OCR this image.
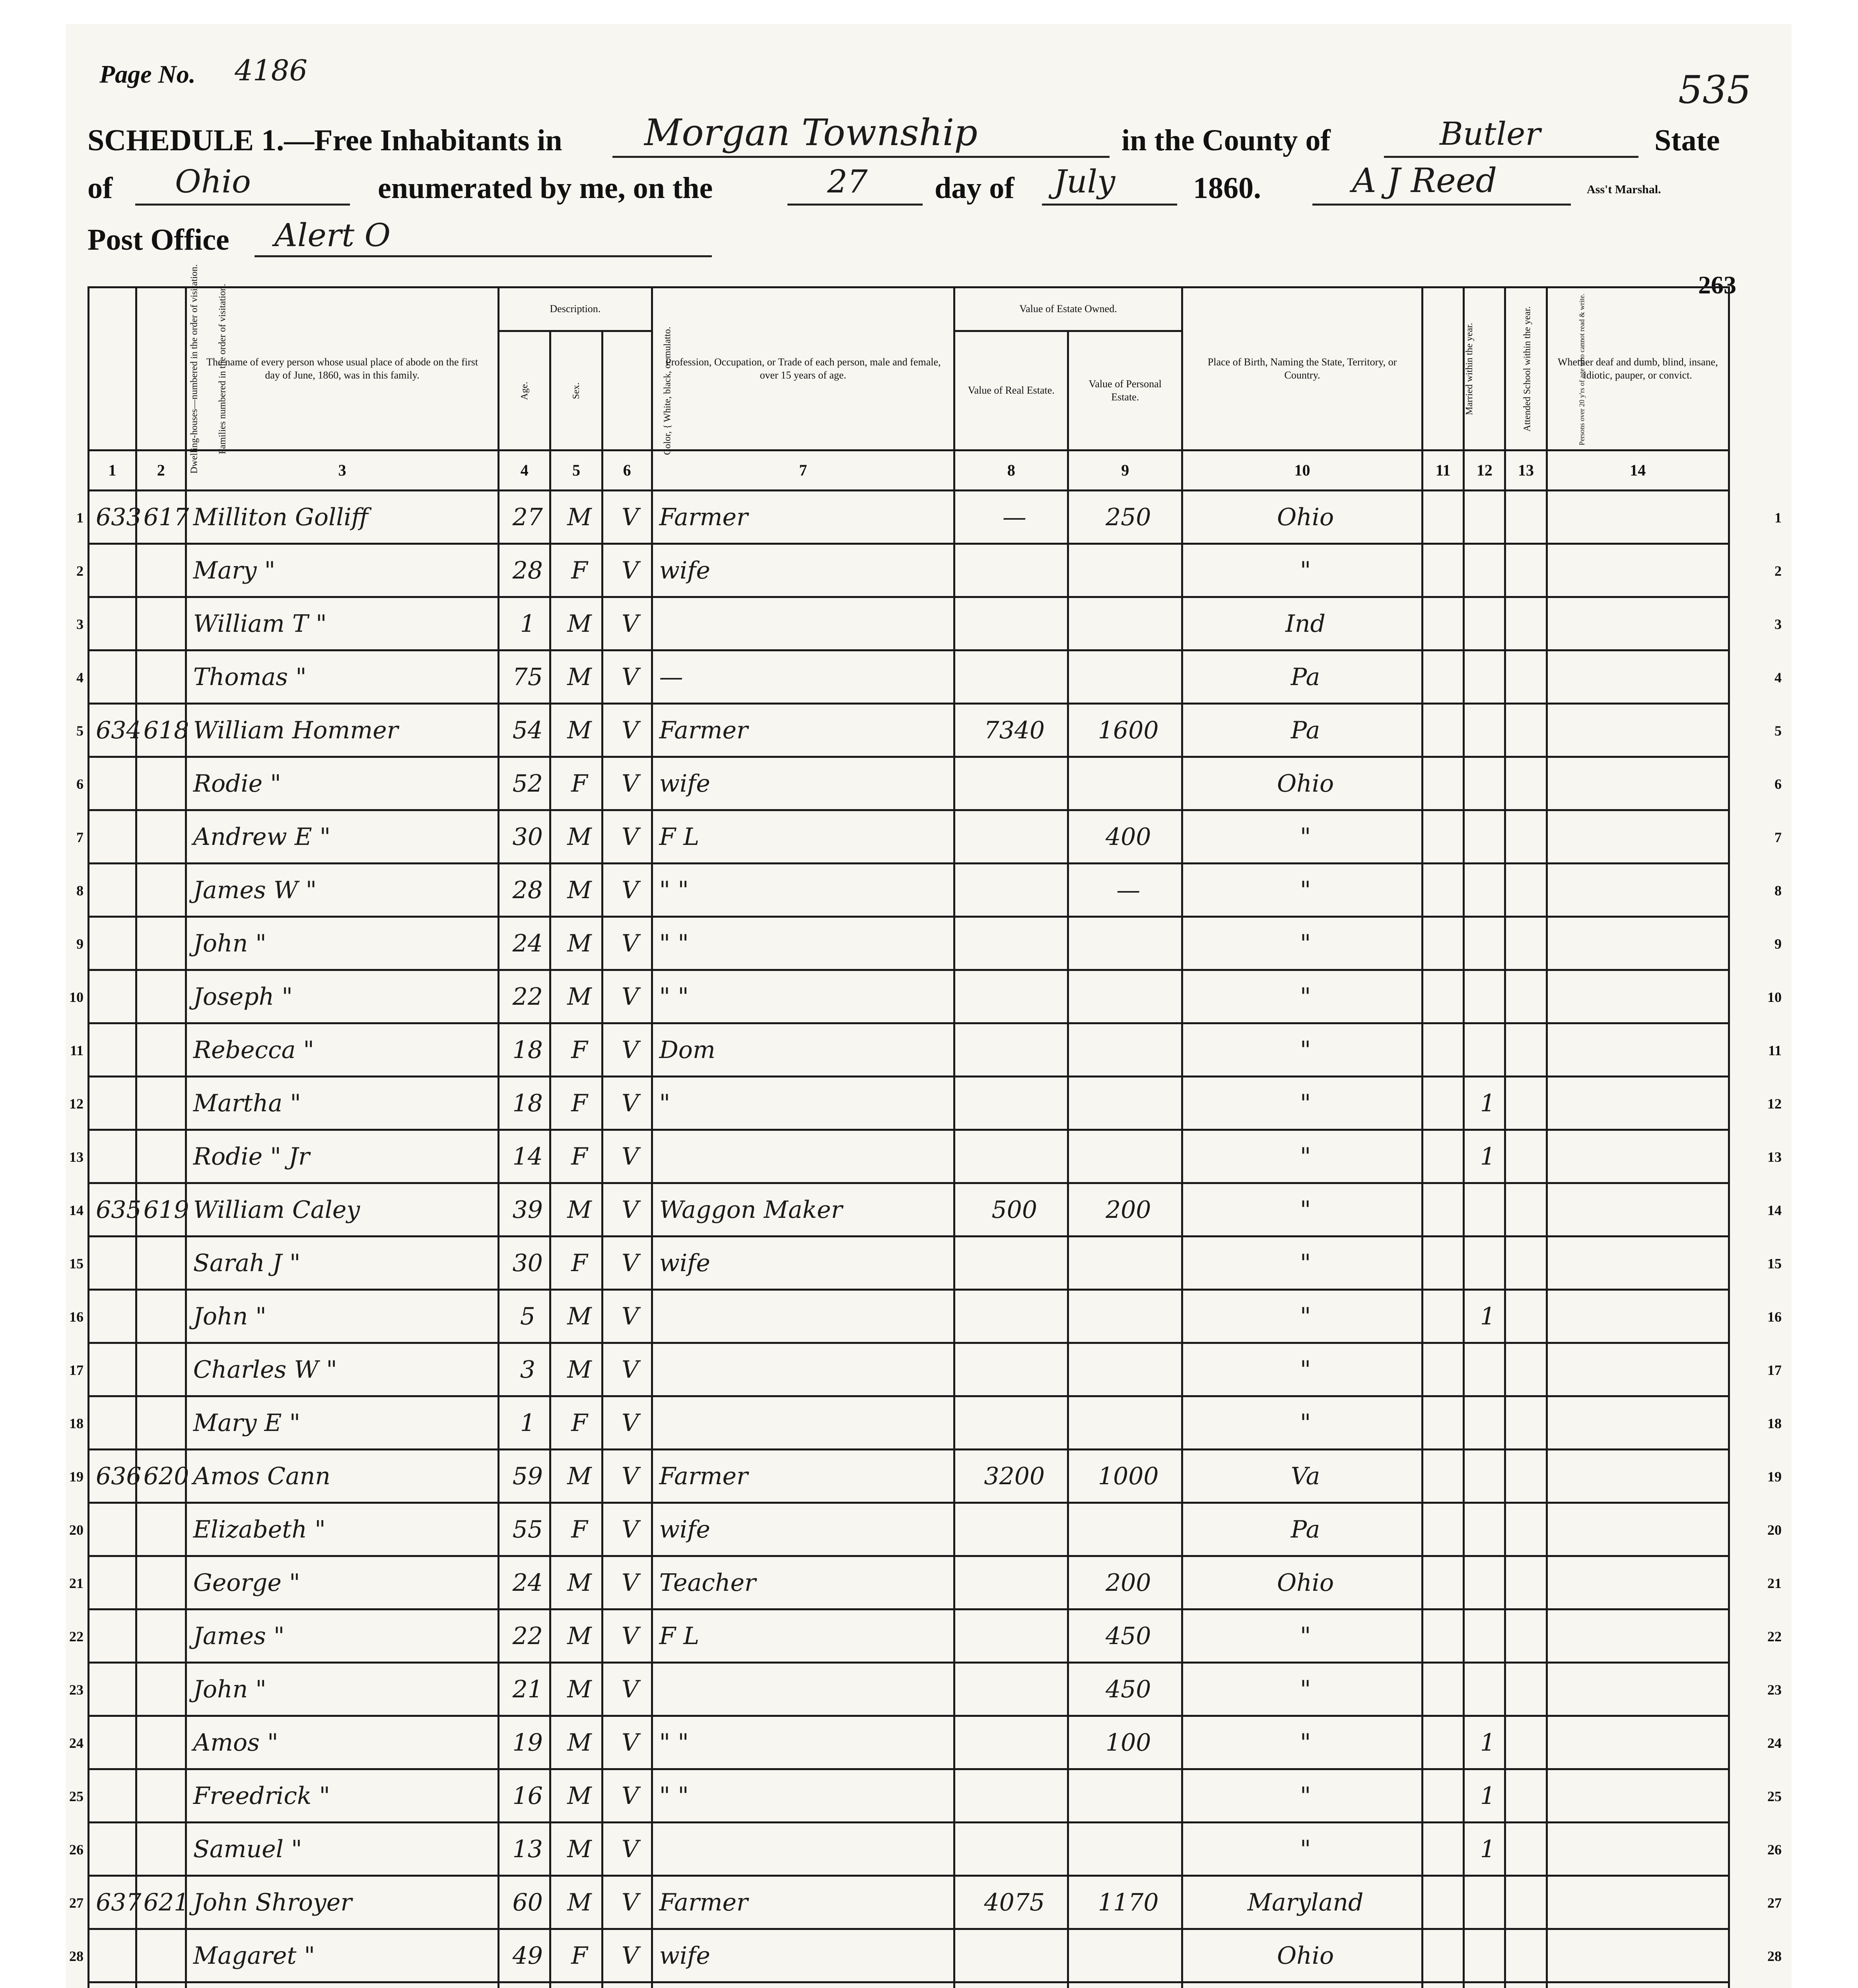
Page No. 4186	535
SCHEDULE 1.—Free Inhabitants in Morgan Township	in the County of	Butler	State
of Ohio	enumerated by me, on the	27 day of July	1860.	A J Reed	Ass't Marshal.
Post Office Alert O
263
Dwelling-houses—numbered in the order of visitation.	Families numbered in the order of visitation.	The name of every person whose usual place of abode on the first day of June, 1860, was in this family.	Description.			Profession, Occupation, or Trade of each person, male and female, over 15 years of age.	Value of Estate Owned.		Place of Birth, Naming the State, Territory, or Country.	Married within the year.	Attended School within the year.	Persons over 20 y'rs of age who cannot read & write.	Whether deaf and dumb, blind, insane, idiotic, pauper, or convict.
			Age.	Sex.	Color, { White, black, or mulatto.		Value of Real Estate.	Value of Personal Estate.					
1	2	3	4	5	6	7	8	9	10	11	12	13	14
633	617	Milliton Golliff	27	M	V	Farmer	—	250	Ohio				
		Mary "	28	F	V	wife			"				
		William T "	1	M	V				Ind				
		Thomas "	75	M	V	—			Pa				
634	618	William Hommer	54	M	V	Farmer	7340	1600	Pa				
		Rodie "	52	F	V	wife			Ohio				
		Andrew E "	30	M	V	F L		400	"				
		James W "	28	M	V	" "		—	"				
		John "	24	M	V	" "			"				
		Joseph "	22	M	V	" "			"				
		Rebecca "	18	F	V	Dom			"				
		Martha "	18	F	V	"			"		1		
		Rodie " Jr	14	F	V				"		1		
635	619	William Caley	39	M	V	Waggon Maker	500	200	"				
		Sarah J "	30	F	V	wife			"				
		John "	5	M	V				"		1		
		Charles W "	3	M	V				"				
		Mary E "	1	F	V				"				
636	620	Amos Cann	59	M	V	Farmer	3200	1000	Va				
		Elizabeth "	55	F	V	wife			Pa				
		George "	24	M	V	Teacher		200	Ohio				
		James "	22	M	V	F L		450	"				
		John "	21	M	V			450	"				
		Amos "	19	M	V	" "		100	"		1		
		Freedrick "	16	M	V	" "			"		1		
		Samuel "	13	M	V				"		1		
637	621	John Shroyer	60	M	V	Farmer	4075	1170	Maryland				
		Magaret "	49	F	V	wife			Ohio				

1
2
3
4
5
6
7
8
9
10
11
12
13
14
15
16
17
18
19
20
21
22
23
24
25
26
27
28
1
2
3
4
5
6
7
8
9
10
11
12
13
14
15
16
17
18
19
20
21
22
23
24
25
26
27
28
